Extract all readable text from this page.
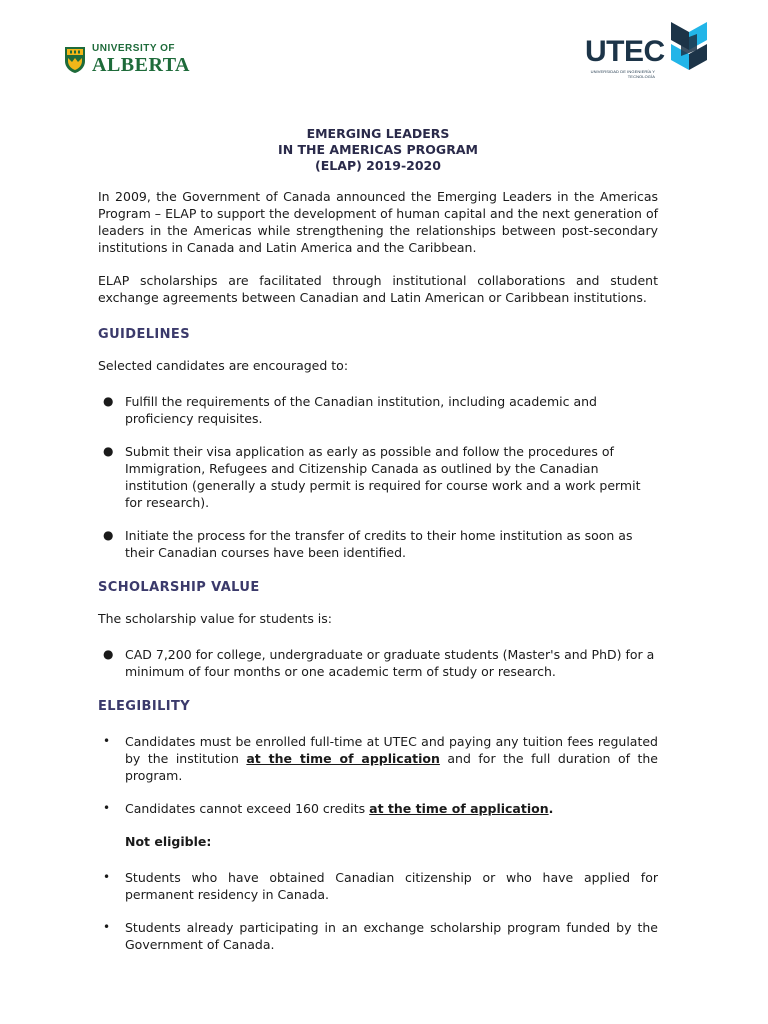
UNIVERSITY OF
ALBERTA	UTEC
UNIVERSIDAD DE INGENIERÍA Y TECNOLOGÍA
EMERGING LEADERS
IN THE AMERICAS PROGRAM
(ELAP) 2019-2020

In 2009, the Government of Canada announced the Emerging Leaders in the Americas Program – ELAP to support the development of human capital and the next generation of leaders in the Americas while strengthening the relationships between post-secondary institutions in Canada and Latin America and the Caribbean.

ELAP scholarships are facilitated through institutional collaborations and student exchange agreements between Canadian and Latin American or Caribbean institutions.

GUIDELINES

Selected candidates are encouraged to:

● Fulfill the requirements of the Canadian institution, including academic and proficiency requisites.
● Submit their visa application as early as possible and follow the procedures of Immigration, Refugees and Citizenship Canada as outlined by the Canadian institution (generally a study permit is required for course work and a work permit for research).
● Initiate the process for the transfer of credits to their home institution as soon as their Canadian courses have been identified.
SCHOLARSHIP VALUE

The scholarship value for students is:

● CAD 7,200 for college, undergraduate or graduate students (Master's and PhD) for a minimum of four months or one academic term of study or research.
ELEGIBILITY
• Candidates must be enrolled full-time at UTEC and paying any tuition fees regulated by the institution at the time of application and for the full duration of the program.
• Candidates cannot exceed 160 credits at the time of application.
Not eligible:
• Students who have obtained Canadian citizenship or who have applied for permanent residency in Canada.
• Students already participating in an exchange scholarship program funded by the Government of Canada.
